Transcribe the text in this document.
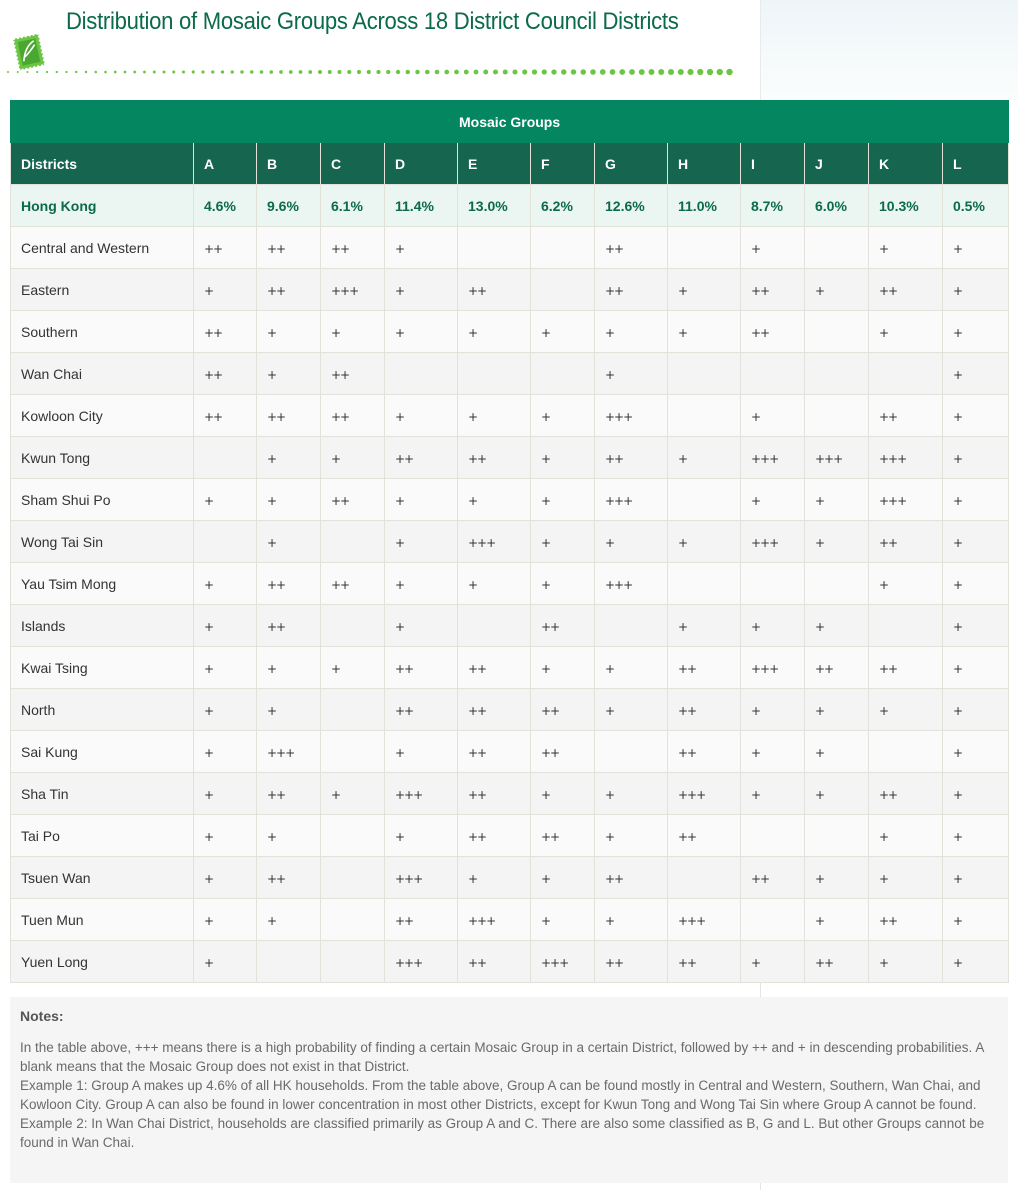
Distribution of Mosaic Groups Across 18 District Council Districts
Mosaic Groups												
Districts	A	B	C	D	E	F	G	H	I	J	K	L
Hong Kong	4.6%	9.6%	6.1%	11.4%	13.0%	6.2%	12.6%	11.0%	8.7%	6.0%	10.3%	0.5%
Central and Western	++	++	++	+			++		+		+	+
Eastern	+	++	+++	+	++		++	+	++	+	++	+
Southern	++	+	+	+	+	+	+	+	++		+	+
Wan Chai	++	+	++				+					+
Kowloon City	++	++	++	+	+	+	+++		+		++	+
Kwun Tong		+	+	++	++	+	++	+	+++	+++	+++	+
Sham Shui Po	+	+	++	+	+	+	+++		+	+	+++	+
Wong Tai Sin		+		+	+++	+	+	+	+++	+	++	+
Yau Tsim Mong	+	++	++	+	+	+	+++				+	+
Islands	+	++		+		++		+	+	+		+
Kwai Tsing	+	+	+	++	++	+	+	++	+++	++	++	+
North	+	+		++	++	++	+	++	+	+	+	+
Sai Kung	+	+++		+	++	++		++	+	+		+
Sha Tin	+	++	+	+++	++	+	+	+++	+	+	++	+
Tai Po	+	+		+	++	++	+	++			+	+
Tsuen Wan	+	++		+++	+	+	++		++	+	+	+
Tuen Mun	+	+		++	+++	+	+	+++		+	++	+
Yuen Long	+			+++	++	+++	++	++	+	++	+	+
Notes:

In the table above, +++ means there is a high probability of finding a certain Mosaic Group in a certain District, followed by ++ and + in descending probabilities. A blank means that the Mosaic Group does not exist in that District.

Example 1: Group A makes up 4.6% of all HK households. From the table above, Group A can be found mostly in Central and Western, Southern, Wan Chai, and Kowloon City. Group A can also be found in lower concentration in most other Districts, except for Kwun Tong and Wong Tai Sin where Group A cannot be found.

Example 2: In Wan Chai District, households are classified primarily as Group A and C. There are also some classified as B, G and L. But other Groups cannot be found in Wan Chai.
